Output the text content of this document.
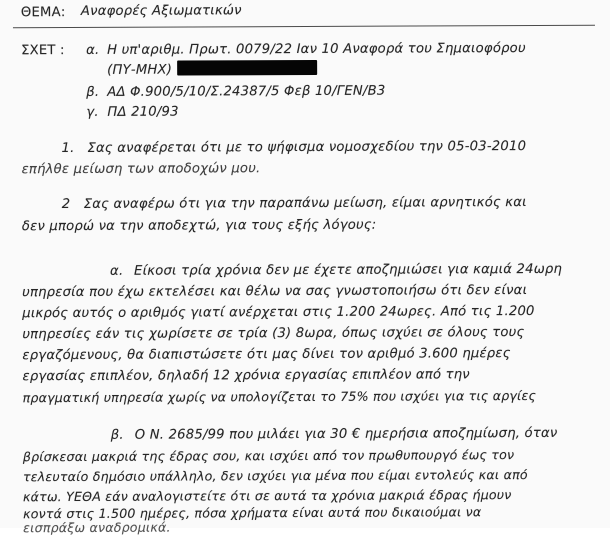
ΘΕΜΑ: Αναφορές Αξιωματικών
ΣΧΕΤ : α. Η υπ'αριθμ. Πρωτ. 0079/22 Ιαν 10 Αναφορά του Σημαιοφόρου
(ΠΥ-ΜΗΧ)
β. ΑΔ Φ.900/5/10/Σ.24387/5 Φεβ 10/ΓΕΝ/Β3
γ. ΠΔ 210/93
1. Σας αναφέρεται ότι με το ψήφισμα νομοσχεδίου την 05-03-2010
επήλθε μείωση των αποδοχών μου.
2 Σας αναφέρω ότι για την παραπάνω μείωση, είμαι αρνητικός και
δεν μπορώ να την αποδεχτώ, για τους εξής λόγους:
α. Είκοσι τρία χρόνια δεν με έχετε αποζημιώσει για καμιά 24ωρη
υπηρεσία που έχω εκτελέσει και θέλω να σας γνωστοποιήσω ότι δεν είναι
μικρός αυτός ο αριθμός γιατί ανέρχεται στις 1.200 24ωρες. Από τις 1.200
υπηρεσίες εάν τις χωρίσετε σε τρία (3) 8ωρα, όπως ισχύει σε όλους τους
εργαζόμενους, θα διαπιστώσετε ότι μας δίνει τον αριθμό 3.600 ημέρες
εργασίας επιπλέον, δηλαδή 12 χρόνια εργασίας επιπλέον από την
πραγματική υπηρεσία χωρίς να υπολογίζεται το 75% που ισχύει για τις αργίες
β. Ο Ν. 2685/99 που μιλάει για 30 € ημερήσια αποζημίωση, όταν
βρίσκεσαι μακριά της έδρας σου, και ισχύει από τον πρωθυπουργό έως τον
τελευταίο δημόσιο υπάλληλο, δεν ισχύει για μένα που είμαι εντολεύς και από
κάτω. ΥΕΘΑ εάν αναλογιστείτε ότι σε αυτά τα χρόνια μακριά έδρας ήμουν
κοντά στις 1.500 ημέρες, πόσα χρήματα είναι αυτά που δικαιούμαι να
εισπράξω αναδρομικά.
